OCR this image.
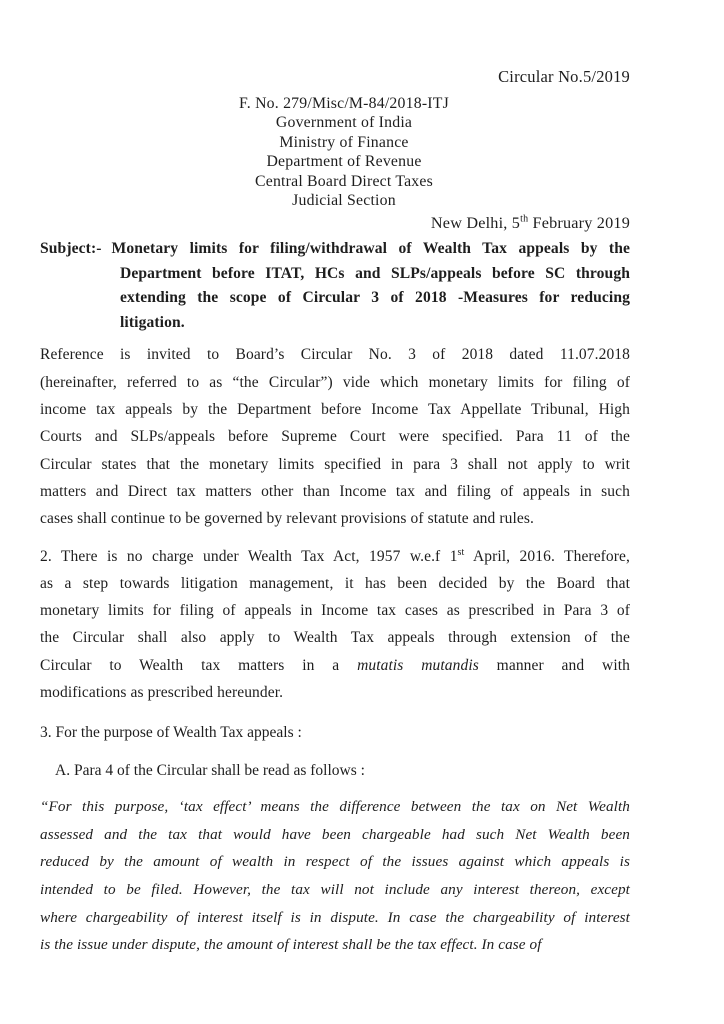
Circular No.5/2019
F. No. 279/Misc/M-84/2018-ITJ
Government of India
Ministry of Finance
Department of Revenue
Central Board Direct Taxes
Judicial Section
New Delhi, 5th February 2019
Subject:- Monetary limits for filing/withdrawal of Wealth Tax appeals by the
Department before ITAT, HCs and SLPs/appeals before SC through
extending the scope of Circular 3 of 2018 -Measures for reducing
litigation.
Reference is invited to Board’s Circular No. 3 of 2018 dated 11.07.2018
(hereinafter, referred to as “the Circular”) vide which monetary limits for filing of
income tax appeals by the Department before Income Tax Appellate Tribunal, High
Courts and SLPs/appeals before Supreme Court were specified. Para 11 of the
Circular states that the monetary limits specified in para 3 shall not apply to writ
matters and Direct tax matters other than Income tax and filing of appeals in such
cases shall continue to be governed by relevant provisions of statute and rules.
2. There is no charge under Wealth Tax Act, 1957 w.e.f 1st April, 2016. Therefore,
as a step towards litigation management, it has been decided by the Board that
monetary limits for filing of appeals in Income tax cases as prescribed in Para 3 of
the Circular shall also apply to Wealth Tax appeals through extension of the
Circular to Wealth tax matters in a mutatis mutandis manner and with
modifications as prescribed hereunder.
3. For the purpose of Wealth Tax appeals :
A. Para 4 of the Circular shall be read as follows :
“For this purpose, ‘tax effect’ means the difference between the tax on Net Wealth
assessed and the tax that would have been chargeable had such Net Wealth been
reduced by the amount of wealth in respect of the issues against which appeals is
intended to be filed. However, the tax will not include any interest thereon, except
where chargeability of interest itself is in dispute. In case the chargeability of interest
is the issue under dispute, the amount of interest shall be the tax effect. In case of
